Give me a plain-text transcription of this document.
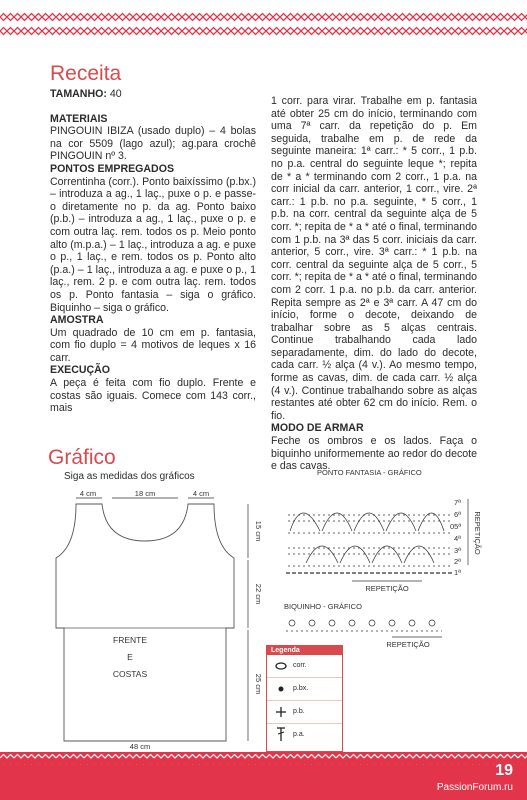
Receita

TAMANHO: 40

MATERIAIS

PINGOUIN IBIZA (usado duplo) – 4 bolas na cor 5509 (lago azul); ag.para crochê PINGOUIN nº 3.

PONTOS EMPREGADOS

Correntinha (corr.). Ponto baixíssimo (p.bx.) – introduza a ag., 1 laç., puxe o p. e passe-o diretamente no p. da ag. Ponto baixo (p.b.) – introduza a ag., 1 laç., puxe o p. e com outra laç. rem. todos os p. Meio ponto alto (m.p.a.) – 1 laç., introduza a ag. e puxe o p., 1 laç., e rem. todos os p. Ponto alto (p.a.) – 1 laç., introduza a ag. e puxe o p., 1 laç., rem. 2 p. e com outra laç. rem. todos os p. Ponto fantasia – siga o gráfico. Biquinho – siga o gráfico.

AMOSTRA

Um quadrado de 10 cm em p. fantasia, com fio duplo = 4 motivos de leques x 16 carr.

EXECUÇÃO

A peça é feita com fio duplo. Frente e costas são iguais. Comece com 143 corr., mais

1 corr. para virar. Trabalhe em p. fantasia até obter 25 cm do início, terminando com uma 7ª carr. da repetição do p. Em seguida, trabalhe em p. de rede da seguinte maneira: 1ª carr.: * 5 corr., 1 p.b. no p.a. central do seguinte leque *; repita de * a * terminando com 2 corr., 1 p.a. na corr inicial da carr. anterior, 1 corr., vire. 2ª carr.: 1 p.b. no p.a. seguinte, * 5 corr., 1 p.b. na corr. central da seguinte alça de 5 corr. *; repita de * a * até o final, terminando com 1 p.b. na 3ª das 5 corr. iniciais da carr. anterior, 5 corr., vire. 3ª carr.: * 1 p.b. na corr. central da seguinte alça de 5 corr., 5 corr. *; repita de * a * até o final, terminando com 2 corr. 1 p.a. no p.b. da carr. anterior. Repita sempre as 2ª e 3ª carr. A 47 cm do início, forme o decote, deixando de trabalhar sobre as 5 alças centrais. Continue trabalhando cada lado separadamente, dim. do lado do decote, cada carr. ½ alça (4 v.). Ao mesmo tempo, forme as cavas, dim. de cada carr. ½ alça (4 v.). Continue trabalhando sobre as alças restantes até obter 62 cm do início. Rem. o fio.

MODO DE ARMAR

Feche os ombros e os lados. Faça o biquinho uniformemente ao redor do decote e das cavas.

Gráfico
Siga as medidas dos gráficos
4 cm	18 cm	4 cm
15 cm
22 cm
25 cm
FRENTE
E
COSTAS
48 cm
PONTO FANTASIA - GRÁFICO
7ª
6ª
05ª
4ª
3ª
2ª
1ª
REPETIÇÃO
REPETIÇÃO
BIQUINHO - GRÁFICO
REPETIÇÃO
Legenda
corr.
p.bx.
p.b.
p.a.
19
PassionForum.ru
